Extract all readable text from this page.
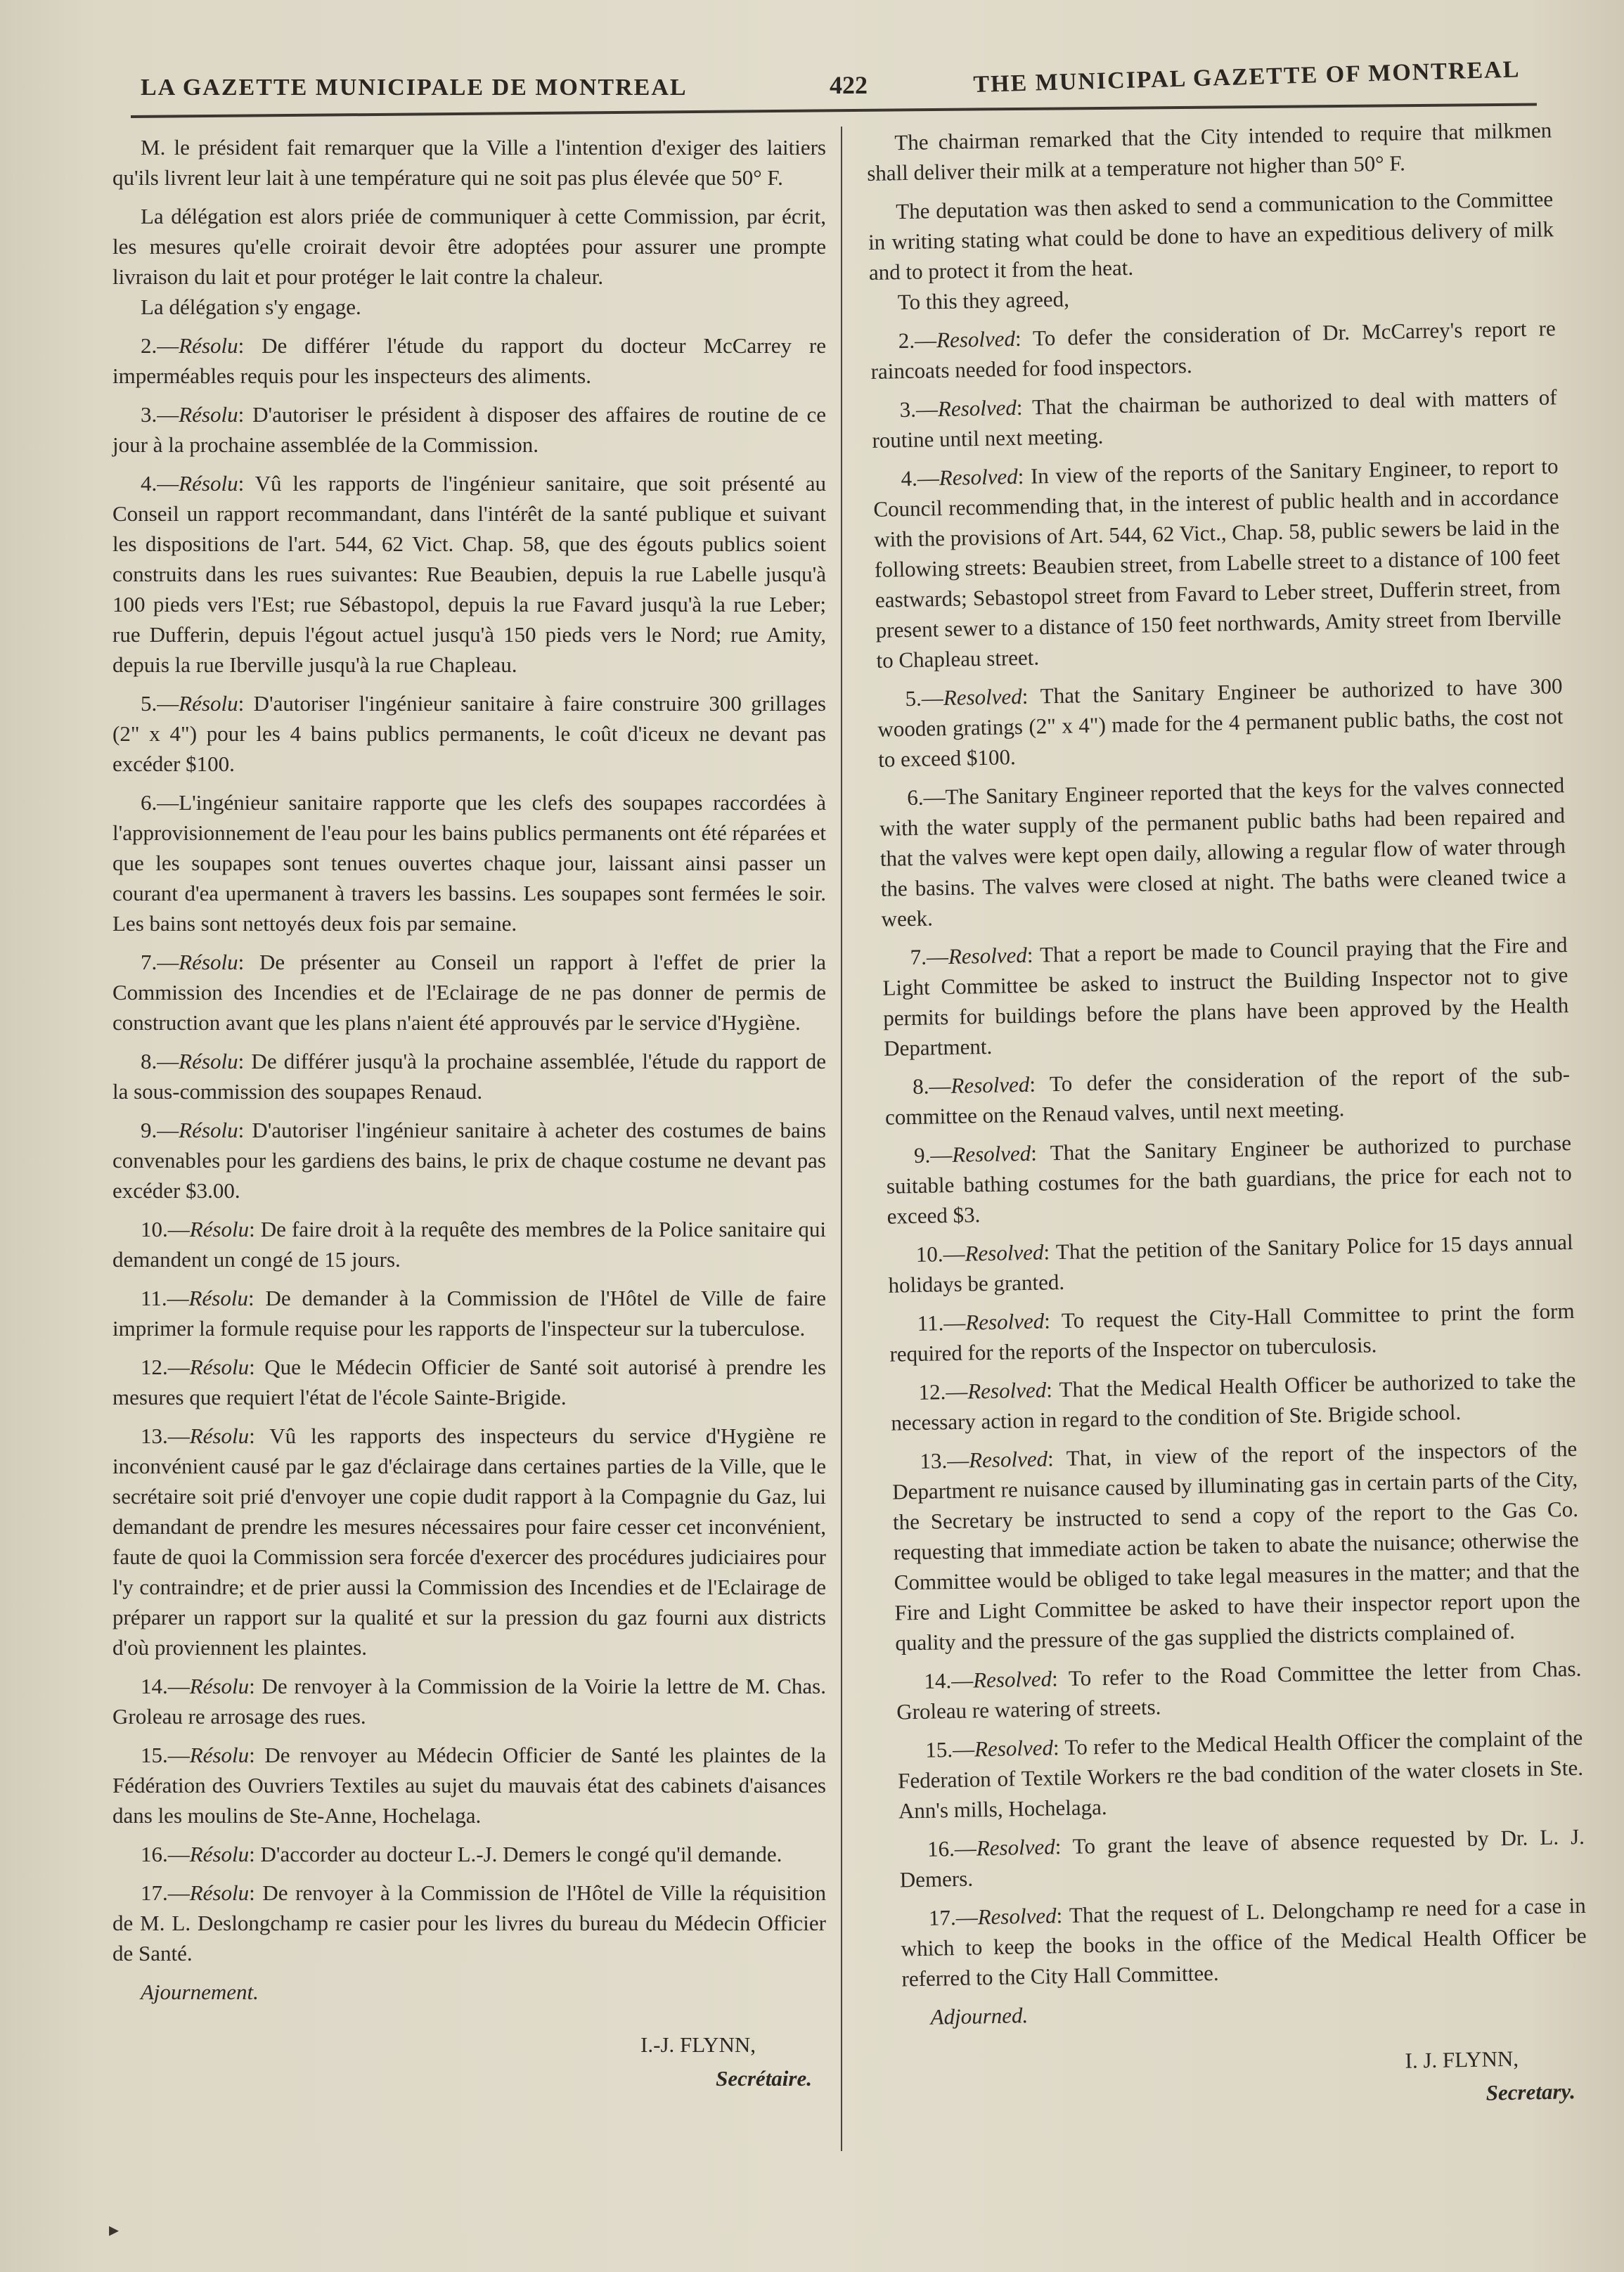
LA GAZETTE MUNICIPALE DE MONTREAL	422	THE MUNICIPAL GAZETTE OF MONTREAL

M. le président fait remarquer que la Ville a l'intention d'exiger des laitiers qu'ils livrent leur lait à une température qui ne soit pas plus élevée que 50° F.

La délégation est alors priée de communiquer à cette Commission, par écrit, les mesures qu'elle croirait devoir être adoptées pour assurer une prompte livraison du lait et pour protéger le lait contre la chaleur.

La délégation s'y engage.

2.—Résolu: De différer l'étude du rapport du docteur McCarrey re imperméables requis pour les inspecteurs des aliments.

3.—Résolu: D'autoriser le président à disposer des affaires de routine de ce jour à la prochaine assemblée de la Commission.

4.—Résolu: Vû les rapports de l'ingénieur sanitaire, que soit présenté au Conseil un rapport recommandant, dans l'intérêt de la santé publique et suivant les dispositions de l'art. 544, 62 Vict. Chap. 58, que des égouts publics soient construits dans les rues suivantes: Rue Beaubien, depuis la rue Labelle jusqu'à 100 pieds vers l'Est; rue Sébastopol, depuis la rue Favard jusqu'à la rue Leber; rue Dufferin, depuis l'égout actuel jusqu'à 150 pieds vers le Nord; rue Amity, depuis la rue Iberville jusqu'à la rue Chapleau.

5.—Résolu: D'autoriser l'ingénieur sanitaire à faire construire 300 grillages (2" x 4") pour les 4 bains publics permanents, le coût d'iceux ne devant pas excéder $100.

6.—L'ingénieur sanitaire rapporte que les clefs des soupapes raccordées à l'approvisionnement de l'eau pour les bains publics permanents ont été réparées et que les soupapes sont tenues ouvertes chaque jour, laissant ainsi passer un courant d'ea upermanent à travers les bassins. Les soupapes sont fermées le soir. Les bains sont nettoyés deux fois par semaine.

7.—Résolu: De présenter au Conseil un rapport à l'effet de prier la Commission des Incendies et de l'Eclairage de ne pas donner de permis de construction avant que les plans n'aient été approuvés par le service d'Hygiène.

8.—Résolu: De différer jusqu'à la prochaine assemblée, l'étude du rapport de la sous-commission des soupapes Renaud.

9.—Résolu: D'autoriser l'ingénieur sanitaire à acheter des costumes de bains convenables pour les gardiens des bains, le prix de chaque costume ne devant pas excéder $3.00.

10.—Résolu: De faire droit à la requête des membres de la Police sanitaire qui demandent un congé de 15 jours.

11.—Résolu: De demander à la Commission de l'Hôtel de Ville de faire imprimer la formule requise pour les rapports de l'inspecteur sur la tuberculose.

12.—Résolu: Que le Médecin Officier de Santé soit autorisé à prendre les mesures que requiert l'état de l'école Sainte-Brigide.

13.—Résolu: Vû les rapports des inspecteurs du service d'Hygiène re inconvénient causé par le gaz d'éclairage dans certaines parties de la Ville, que le secrétaire soit prié d'envoyer une copie dudit rapport à la Compagnie du Gaz, lui demandant de prendre les mesures nécessaires pour faire cesser cet inconvénient, faute de quoi la Commission sera forcée d'exercer des procédures judiciaires pour l'y contraindre; et de prier aussi la Commission des Incendies et de l'Eclairage de préparer un rapport sur la qualité et sur la pression du gaz fourni aux districts d'où proviennent les plaintes.

14.—Résolu: De renvoyer à la Commission de la Voirie la lettre de M. Chas. Groleau re arrosage des rues.

15.—Résolu: De renvoyer au Médecin Officier de Santé les plaintes de la Fédération des Ouvriers Textiles au sujet du mauvais état des cabinets d'aisances dans les moulins de Ste-Anne, Hochelaga.

16.—Résolu: D'accorder au docteur L.-J. Demers le congé qu'il demande.

17.—Résolu: De renvoyer à la Commission de l'Hôtel de Ville la réquisition de M. L. Deslongchamp re casier pour les livres du bureau du Médecin Officier de Santé.

Ajournement.
I.-J. FLYNN,
Secrétaire.

The chairman remarked that the City intended to require that milkmen shall deliver their milk at a temperature not higher than 50° F.

The deputation was then asked to send a communication to the Committee in writing stating what could be done to have an expeditious delivery of milk and to protect it from the heat.

To this they agreed,

2.—Resolved: To defer the consideration of Dr. McCarrey's report re raincoats needed for food inspectors.

3.—Resolved: That the chairman be authorized to deal with matters of routine until next meeting.

4.—Resolved: In view of the reports of the Sanitary Engineer, to report to Council recommending that, in the interest of public health and in accordance with the provisions of Art. 544, 62 Vict., Chap. 58, public sewers be laid in the following streets: Beaubien street, from Labelle street to a distance of 100 feet eastwards; Sebastopol street from Favard to Leber street, Dufferin street, from present sewer to a distance of 150 feet northwards, Amity street from Iberville to Chapleau street.

5.—Resolved: That the Sanitary Engineer be authorized to have 300 wooden gratings (2" x 4") made for the 4 permanent public baths, the cost not to exceed $100.

6.—The Sanitary Engineer reported that the keys for the valves connected with the water supply of the permanent public baths had been repaired and that the valves were kept open daily, allowing a regular flow of water through the basins. The valves were closed at night. The baths were cleaned twice a week.

7.—Resolved: That a report be made to Council praying that the Fire and Light Committee be asked to instruct the Building Inspector not to give permits for buildings before the plans have been approved by the Health Department.

8.—Resolved: To defer the consideration of the report of the sub-committee on the Renaud valves, until next meeting.

9.—Resolved: That the Sanitary Engineer be authorized to purchase suitable bathing costumes for the bath guardians, the price for each not to exceed $3.

10.—Resolved: That the petition of the Sanitary Police for 15 days annual holidays be granted.

11.—Resolved: To request the City-Hall Committee to print the form required for the reports of the Inspector on tuberculosis.

12.—Resolved: That the Medical Health Officer be authorized to take the necessary action in regard to the condition of Ste. Brigide school.

13.—Resolved: That, in view of the report of the inspectors of the Department re nuisance caused by illuminating gas in certain parts of the City, the Secretary be instructed to send a copy of the report to the Gas Co. requesting that immediate action be taken to abate the nuisance; otherwise the Committee would be obliged to take legal measures in the matter; and that the Fire and Light Committee be asked to have their inspector report upon the quality and the pressure of the gas supplied the districts complained of.

14.—Resolved: To refer to the Road Committee the letter from Chas. Groleau re watering of streets.

15.—Resolved: To refer to the Medical Health Officer the complaint of the Federation of Textile Workers re the bad condition of the water closets in Ste. Ann's mills, Hochelaga.

16.—Resolved: To grant the leave of absence requested by Dr. L. J. Demers.

17.—Resolved: That the request of L. Delongchamp re need for a case in which to keep the books in the office of the Medical Health Officer be referred to the City Hall Committee.

Adjourned.
I. J. FLYNN,
Secretary.
▸
